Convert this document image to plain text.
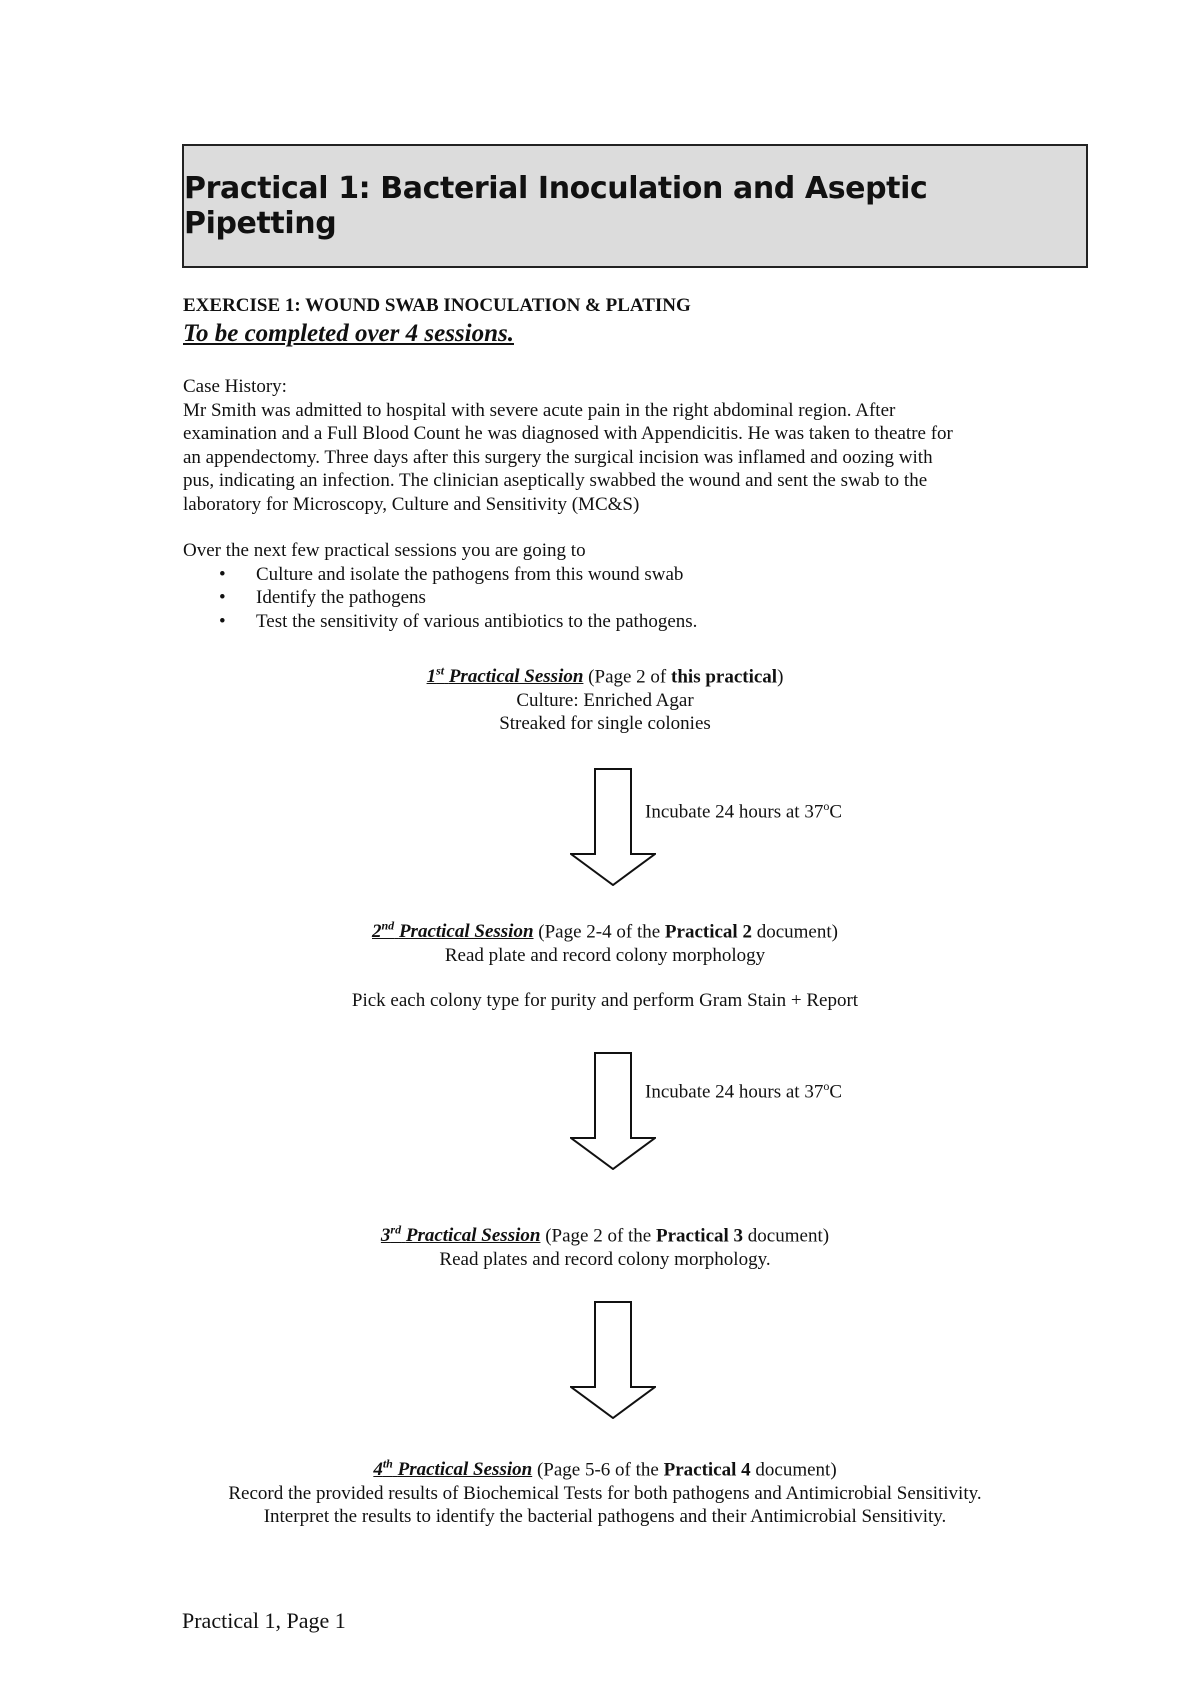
Practical 1: Bacterial Inoculation and Aseptic Pipetting
EXERCISE 1: WOUND SWAB INOCULATION & PLATING
To be completed over 4 sessions.

Case History:

Mr Smith was admitted to hospital with severe acute pain in the right abdominal region. After

examination and a Full Blood Count he was diagnosed with Appendicitis. He was taken to theatre for

an appendectomy. Three days after this surgery the surgical incision was inflamed and oozing with

pus, indicating an infection. The clinician aseptically swabbed the wound and sent the swab to the

laboratory for Microscopy, Culture and Sensitivity (MC&S)

Over the next few practical sessions you are going to

• Culture and isolate the pathogens from this wound swab
• Identify the pathogens
• Test the sensitivity of various antibiotics to the pathogens.

1st Practical Session (Page 2 of this practical)

Culture: Enriched Agar

Streaked for single colonies

Incubate 24 hours at 37$^o$C

2nd Practical Session (Page 2-4 of the Practical 2 document)

Read plate and record colony morphology

Pick each colony type for purity and perform Gram Stain + Report

Incubate 24 hours at 37$^o$C

3rd Practical Session (Page 2 of the Practical 3 document)

Read plates and record colony morphology.

4th Practical Session (Page 5-6 of the Practical 4 document)

Record the provided results of Biochemical Tests for both pathogens and Antimicrobial Sensitivity.

Interpret the results to identify the bacterial pathogens and their Antimicrobial Sensitivity.

Practical 1, Page 1
